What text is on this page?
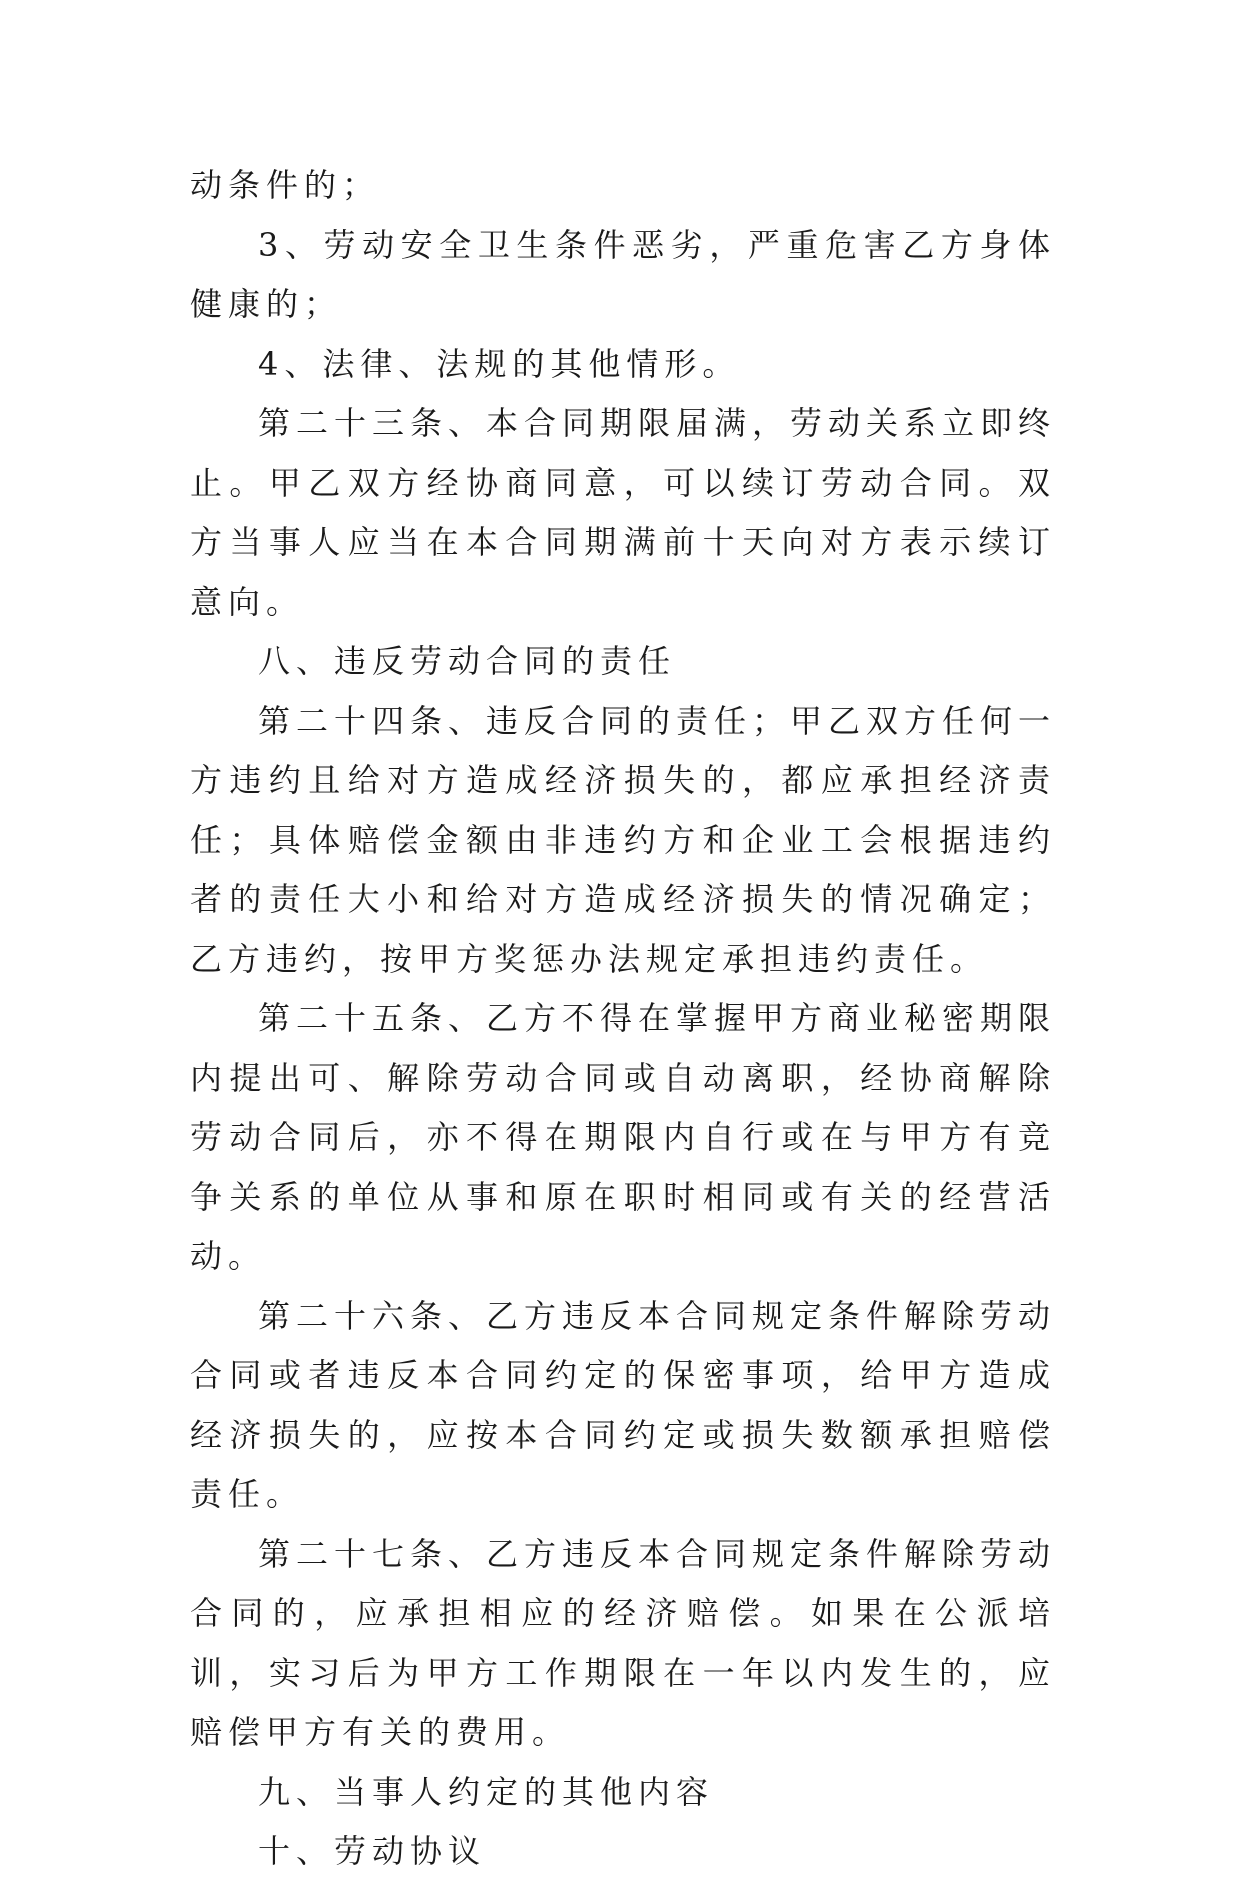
动条件的；

3、劳动安全卫生条件恶劣，严重危害乙方身体健康的；

4、法律、法规的其他情形。

第二十三条、本合同期限届满，劳动关系立即终止。甲乙双方经协商同意，可以续订劳动合同。双方当事人应当在本合同期满前十天向对方表示续订意向。

八、违反劳动合同的责任

第二十四条、违反合同的责任；甲乙双方任何一方违约且给对方造成经济损失的，都应承担经济责任；具体赔偿金额由非违约方和企业工会根据违约者的责任大小和给对方造成经济损失的情况确定；乙方违约，按甲方奖惩办法规定承担违约责任。

第二十五条、乙方不得在掌握甲方商业秘密期限内提出可、解除劳动合同或自动离职，经协商解除劳动合同后，亦不得在期限内自行或在与甲方有竞争关系的单位从事和原在职时相同或有关的经营活动。

第二十六条、乙方违反本合同规定条件解除劳动合同或者违反本合同约定的保密事项，给甲方造成经济损失的，应按本合同约定或损失数额承担赔偿责任。

第二十七条、乙方违反本合同规定条件解除劳动合同的，应承担相应的经济赔偿。如果在公派培训，实习后为甲方工作期限在一年以内发生的，应赔偿甲方有关的费用。

九、当事人约定的其他内容

十、劳动协议
